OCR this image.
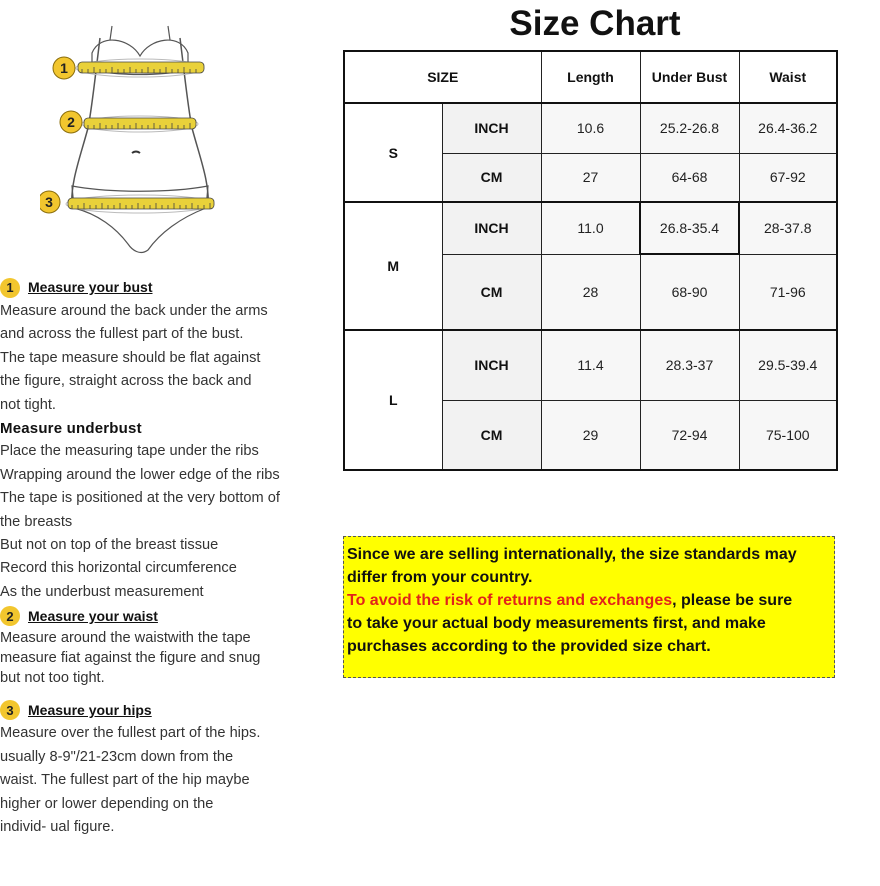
1
2
3
1	Measure your bust
Measure around the back under the arms
and across the fullest part of the bust.
The tape measure should be flat against
the figure, straight across the back and
not tight.
Measure underbust
Place the measuring tape under the ribs
Wrapping around the lower edge of the ribs
The tape is positioned at the very bottom of
the breasts
But not on top of the breast tissue
Record this horizontal circumference
As the underbust measurement
2	Measure your waist
Measure around the waistwith the tape
measure fiat against the figure and snug
but not too tight.
3	Measure your hips
Measure over the fullest part of the hips.
usually 8-9"/21-23cm down from the
waist. The fullest part of the hip maybe
higher or lower depending on the
individ- ual figure.
Size Chart
SIZE		Length	Under Bust	Waist
S	INCH	10.6	25.2-26.8	26.4-36.2
	CM	27	64-68	67-92
M	INCH	11.0	26.8-35.4	28-37.8
	CM	28	68-90	71-96
L	INCH	11.4	28.3-37	29.5-39.4
	CM	29	72-94	75-100
Since we are selling internationally, the size standards may
differ from your country.
To avoid the risk of returns and exchanges, please be sure
to take your actual body measurements first, and make
purchases according to the provided size chart.
